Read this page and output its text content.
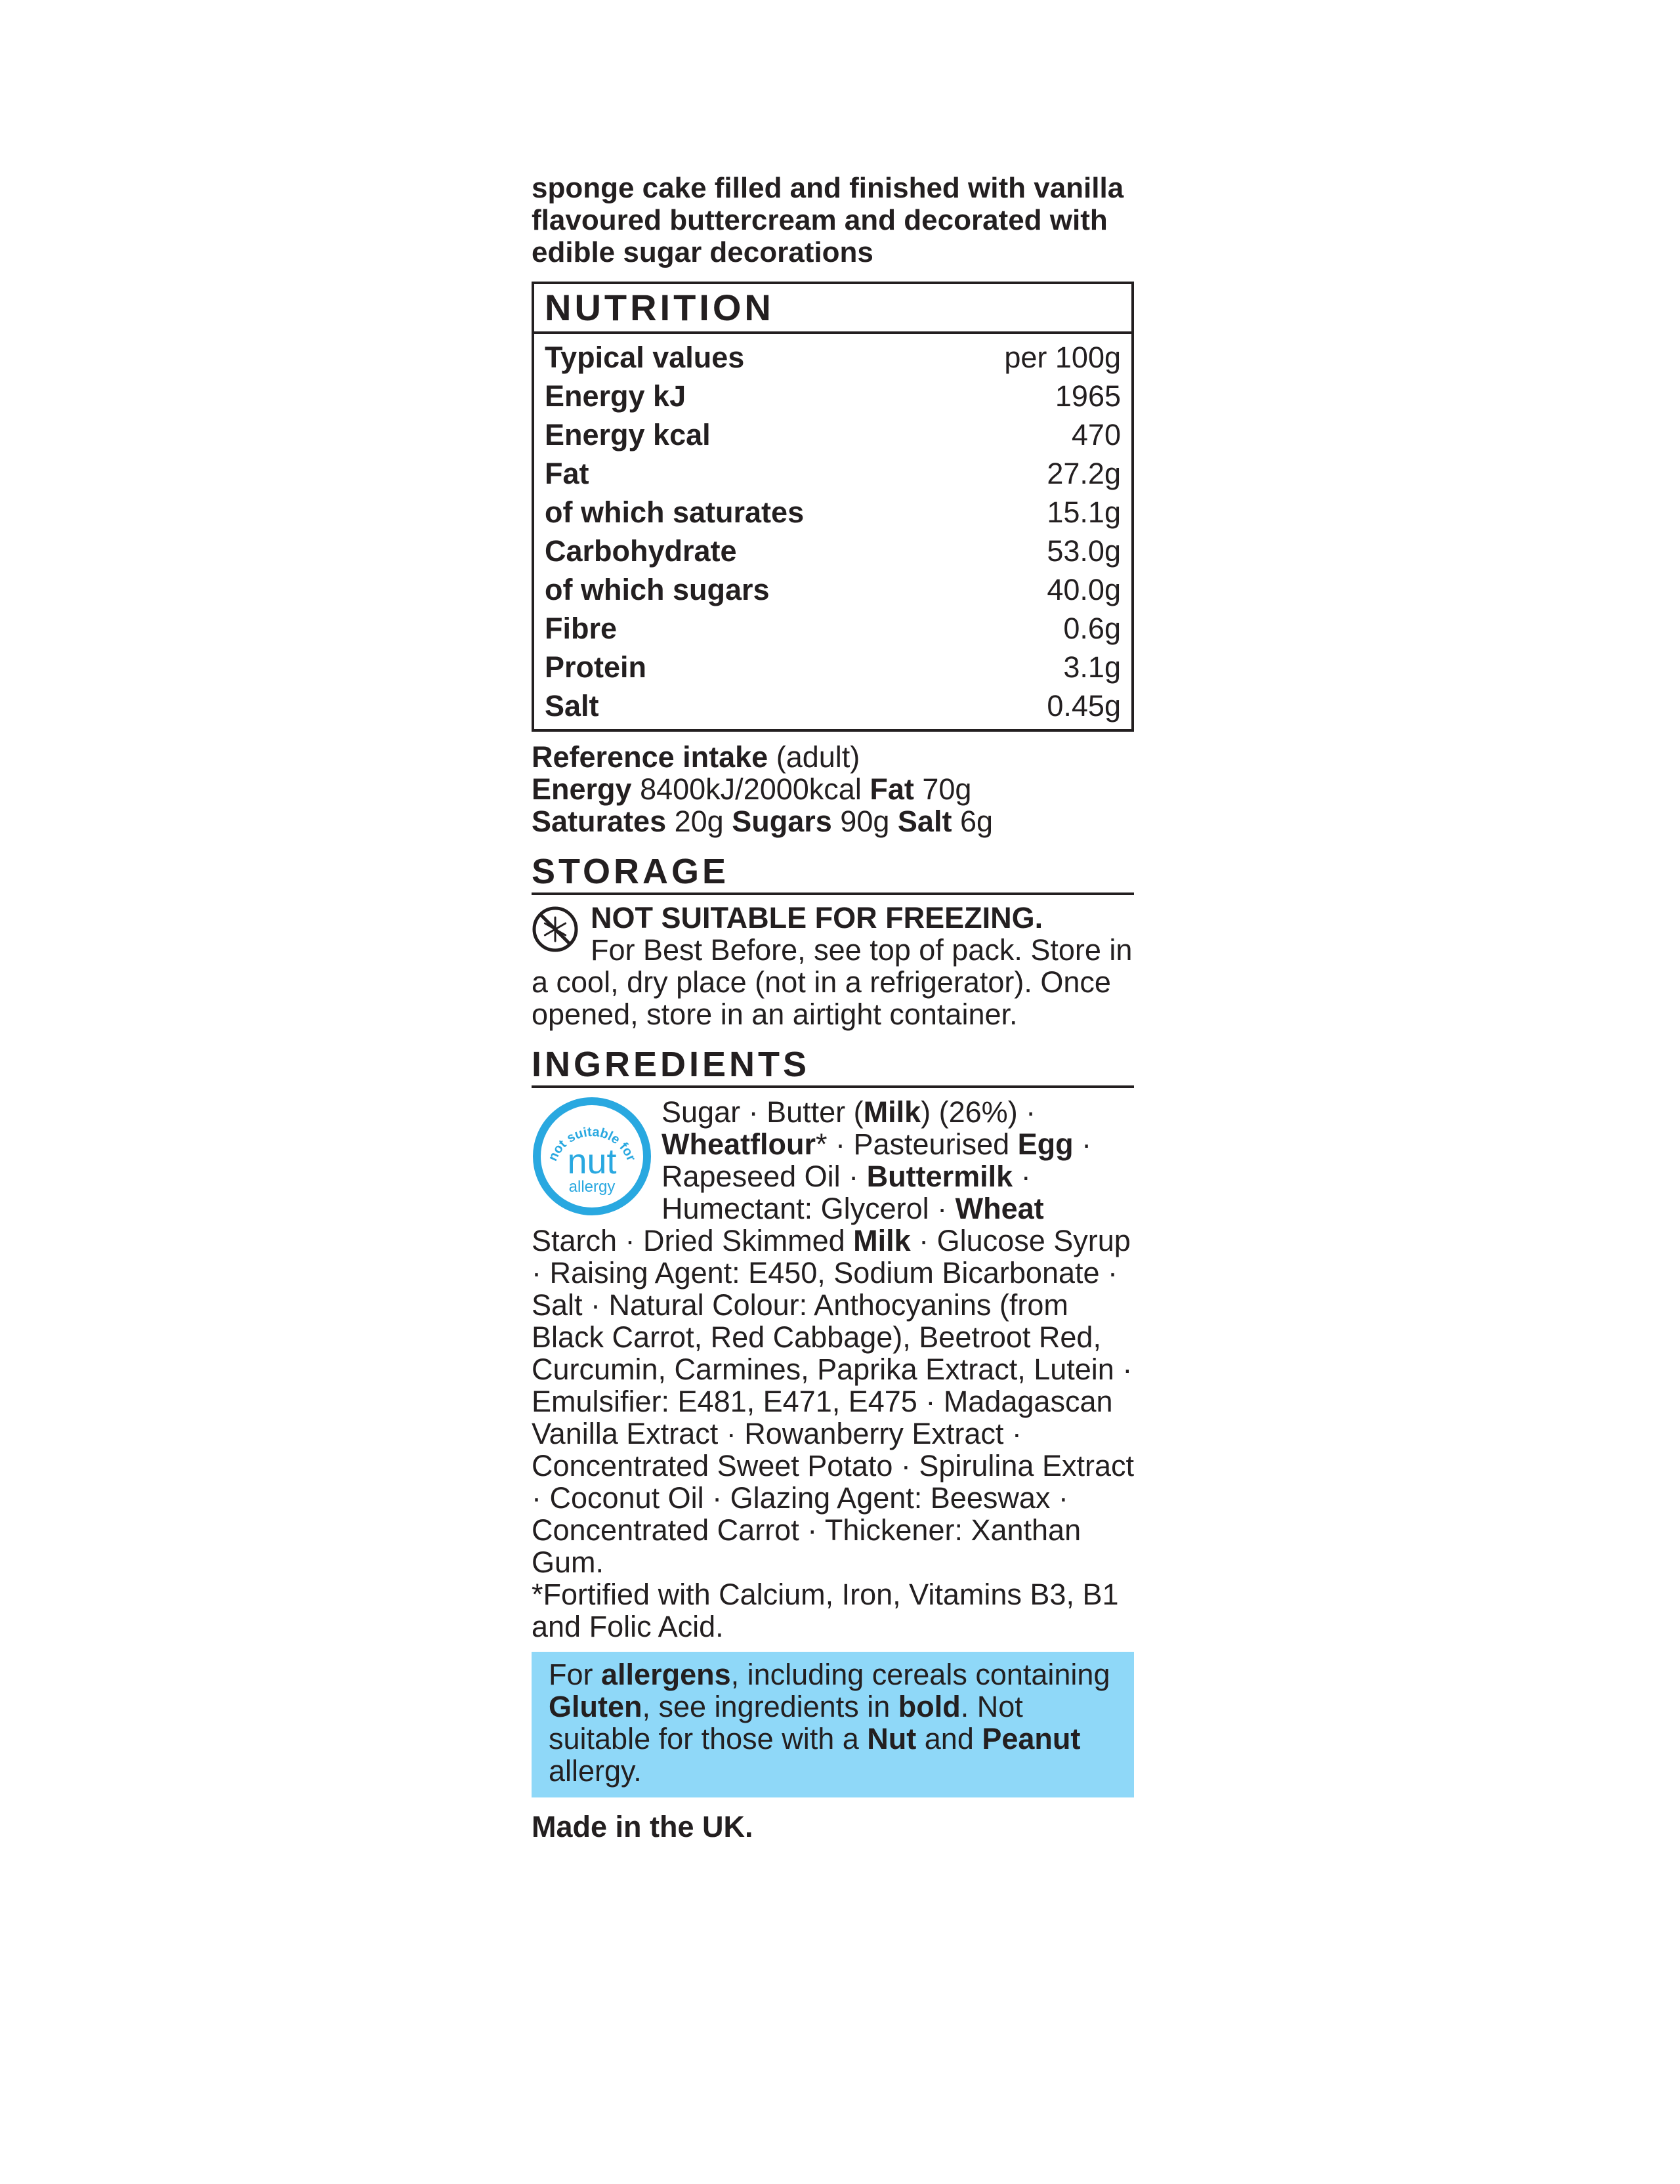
sponge cake filled and finished with vanilla flavoured buttercream and decorated with edible sugar decorations

NUTRITION
Typical values	per 100g
Energy kJ	1965
Energy kcal	470
Fat	27.2g
of which saturates	15.1g
Carbohydrate	53.0g
of which sugars	40.0g
Fibre	0.6g
Protein	3.1g
Salt	0.45g
Reference intake (adult)
Energy 8400kJ/2000kcal Fat 70g
Saturates 20g Sugars 90g Salt 6g
STORAGE
NOT SUITABLE FOR FREEZING.
For Best Before, see top of pack. Store in a cool, dry place (not in a refrigerator). Once opened, store in an airtight container.
INGREDIENTS
not suitable for
nut
allergy
Sugar · Butter (Milk) (26%) · Wheatflour* · Pasteurised Egg · Rapeseed Oil · Buttermilk · Humectant: Glycerol · Wheat Starch · Dried Skimmed Milk · Glucose Syrup · Raising Agent: E450, Sodium Bicarbonate · Salt · Natural Colour: Anthocyanins (from Black Carrot, Red Cabbage), Beetroot Red, Curcumin, Carmines, Paprika Extract, Lutein · Emulsifier: E481, E471, E475 · Madagascan Vanilla Extract · Rowanberry Extract · Concentrated Sweet Potato · Spirulina Extract · Coconut Oil · Glazing Agent: Beeswax · Concentrated Carrot · Thickener: Xanthan Gum.
*Fortified with Calcium, Iron, Vitamins B3, B1 and Folic Acid.
For allergens, including cereals containing Gluten, see ingredients in bold. Not suitable for those with a Nut and Peanut allergy.
Made in the UK.
